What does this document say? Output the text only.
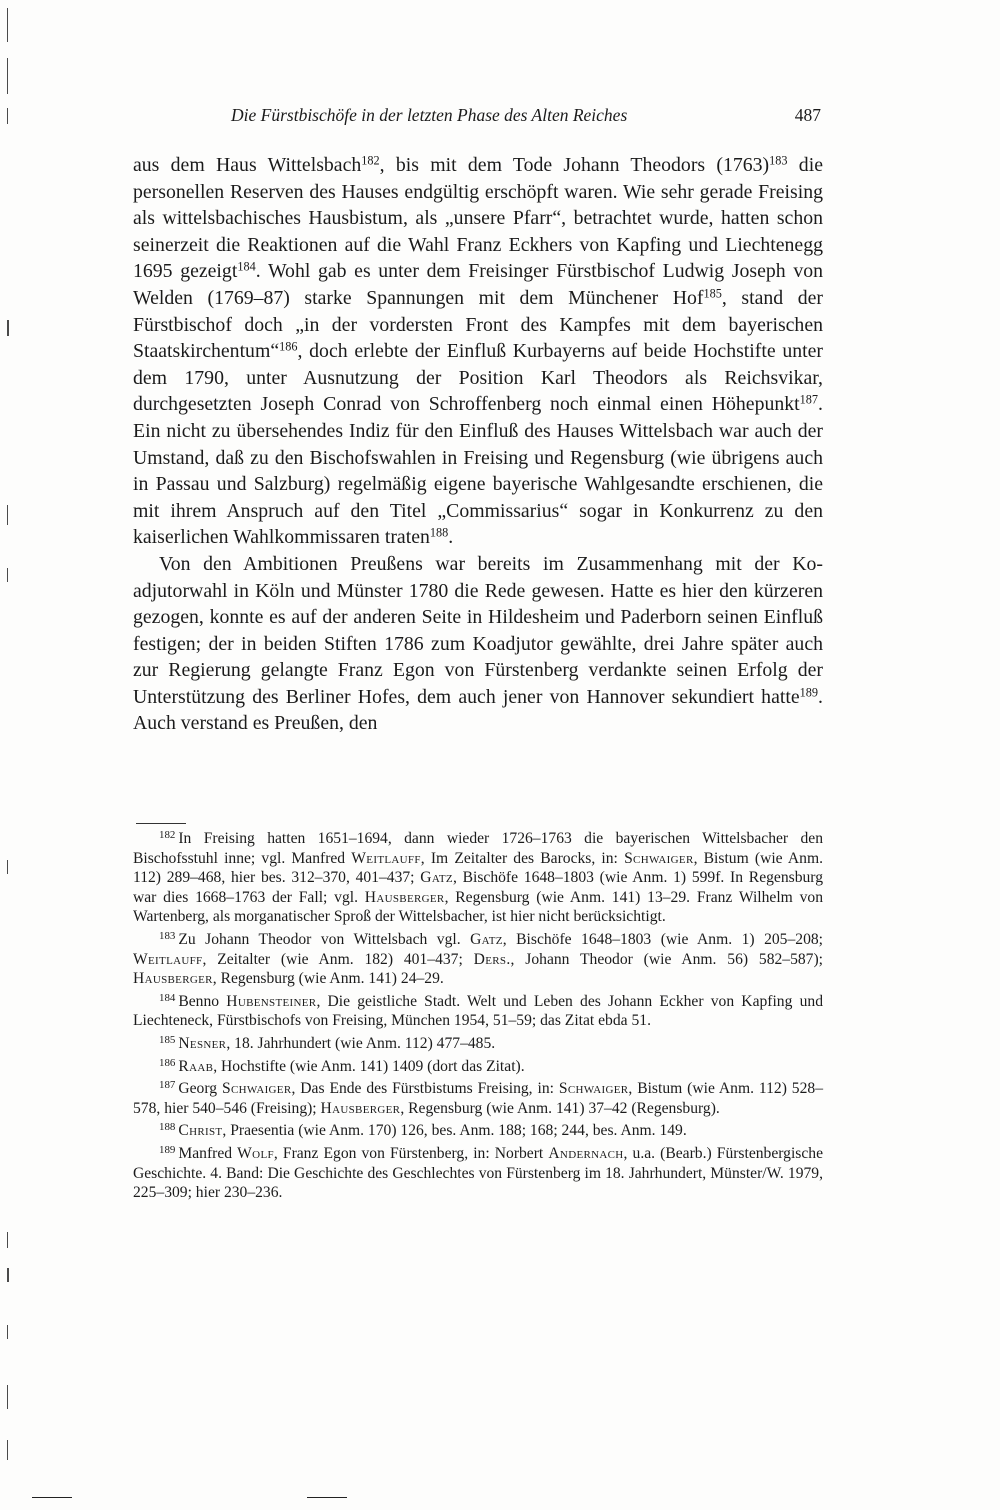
Die Fürstbischöfe in der letzten Phase des Alten Reiches	487

aus dem Haus Wittelsbach$^{182}$, bis mit dem Tode Johann Theodors $(1763)^{183}$ die personellen Reserven des Hauses endgültig erschöpft waren. Wie sehr gerade Freising als wittelsbachisches Hausbistum, als „unsere Pfarr“, betrachtet wurde, hatten schon seinerzeit die Reaktionen auf die Wahl Franz Eckhers von Kapfing und Liechtenegg 1695 gezeigt$^{184}$. Wohl gab es unter dem Freisinger Fürstbischof Ludwig Joseph von Welden (1769–87) starke Spannungen mit dem Münchener Hof$^{185}$, stand der Fürstbischof doch „in der vordersten Front des Kampfes mit dem bayerischen Staatskirchentum“$^{186}$, doch erlebte der Einfluß Kurbayerns auf beide Hochstifte unter dem 1790, unter Ausnutzung der Position Karl Theodors als Reichsvikar, durchgesetzten Joseph Conrad von Schroffenberg noch einmal einen Höhepunkt$^{187}$. Ein nicht zu übersehendes Indiz für den Einfluß des Hauses Wittelsbach war auch der Umstand, daß zu den Bischofswahlen in Freising und Regensburg (wie übrigens auch in Passau und Salzburg) regelmäßig eigene bayerische Wahlgesandte erschienen, die mit ihrem Anspruch auf den Titel „Commissarius“ sogar in Konkurrenz zu den kaiserlichen Wahlkommissaren traten$^{188}$.

Von den Ambitionen Preußens war bereits im Zusammenhang mit der Koadjutorwahl in Köln und Münster 1780 die Rede gewesen. Hatte es hier den kürzeren gezogen, konnte es auf der anderen Seite in Hildesheim und Paderborn seinen Einfluß festigen; der in beiden Stiften 1786 zum Koadjutor gewählte, drei Jahre später auch zur Regierung gelangte Franz Egon von Fürstenberg verdankte seinen Erfolg der Unterstützung des Berliner Hofes, dem auch jener von Hannover sekundiert hatte$^{189}$. Auch verstand es Preußen, den

$^{182}$ In Freising hatten 1651–1694, dann wieder 1726–1763 die bayerischen Wittelsbacher den Bischofsstuhl inne; vgl. Manfred Weitlauff, Im Zeitalter des Barocks, in: Schwaiger, Bistum (wie Anm. 112) 289–468, hier bes. 312–370, 401–437; Gatz, Bischöfe 1648–1803 (wie Anm. 1) 599f. In Regensburg war dies 1668–1763 der Fall; vgl. Hausberger, Regensburg (wie Anm. 141) 13–29. Franz Wilhelm von Wartenberg, als morganatischer Sproß der Wittelsbacher, ist hier nicht berücksichtigt.

$^{183}$ Zu Johann Theodor von Wittelsbach vgl. Gatz, Bischöfe 1648–1803 (wie Anm. 1) 205–208; Weitlauff, Zeitalter (wie Anm. 182) 401–437; Ders., Johann Theodor (wie Anm. 56) 582–587); Hausberger, Regensburg (wie Anm. 141) 24–29.

$^{184}$ Benno Hubensteiner, Die geistliche Stadt. Welt und Leben des Johann Eckher von Kapfing und Liechteneck, Fürstbischofs von Freising, München 1954, 51–59; das Zitat ebda 51.

$^{185}$ Nesner, 18. Jahrhundert (wie Anm. 112) 477–485.

$^{186}$ Raab, Hochstifte (wie Anm. 141) 1409 (dort das Zitat).

$^{187}$ Georg Schwaiger, Das Ende des Fürstbistums Freising, in: Schwaiger, Bistum (wie Anm. 112) 528–578, hier 540–546 (Freising); Hausberger, Regensburg (wie Anm. 141) 37–42 (Regensburg).

$^{188}$ Christ, Praesentia (wie Anm. 170) 126, bes. Anm. 188; 168; 244, bes. Anm. 149.

$^{189}$ Manfred Wolf, Franz Egon von Fürstenberg, in: Norbert Andernach, u.a. (Bearb.) Fürstenbergische Geschichte. 4. Band: Die Geschichte des Geschlechtes von Fürstenberg im 18. Jahrhundert, Münster/W. 1979, 225–309; hier 230–236.
